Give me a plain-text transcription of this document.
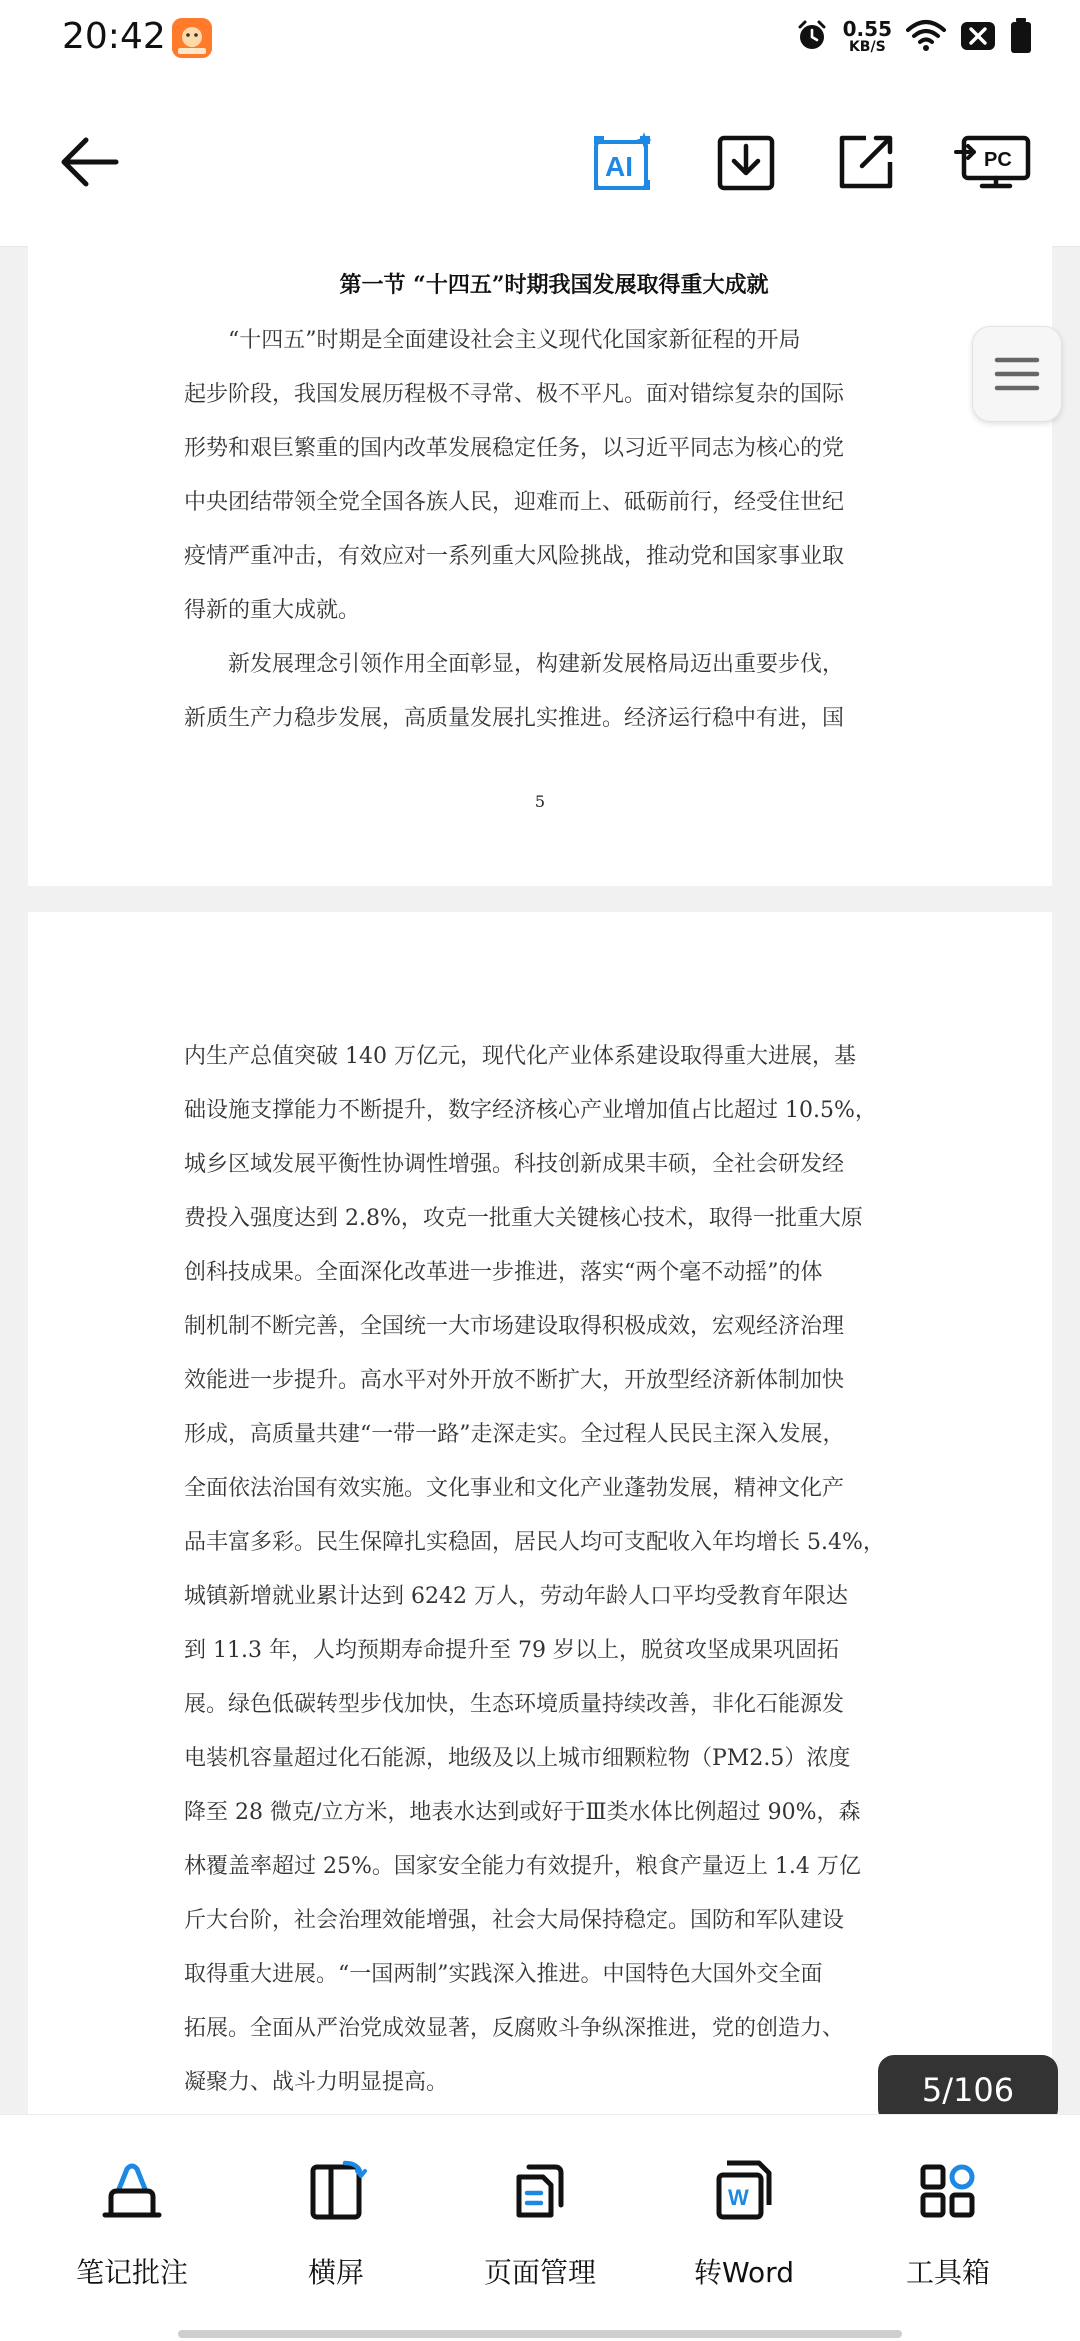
20:42	0.55
KB/S
AI	PC
第一节 “十四五”时期我国发展取得重大成就

“十四五”时期是全面建设社会主义现代化国家新征程的开局

起步阶段，我国发展历程极不寻常、极不平凡。面对错综复杂的国际

形势和艰巨繁重的国内改革发展稳定任务，以习近平同志为核心的党

中央团结带领全党全国各族人民，迎难而上、砥砺前行，经受住世纪

疫情严重冲击，有效应对一系列重大风险挑战，推动党和国家事业取

得新的重大成就。

新发展理念引领作用全面彰显，构建新发展格局迈出重要步伐，

新质生产力稳步发展，高质量发展扎实推进。经济运行稳中有进，国

5

内生产总值突破 140 万亿元，现代化产业体系建设取得重大进展，基

础设施支撑能力不断提升，数字经济核心产业增加值占比超过 10.5%，

城乡区域发展平衡性协调性增强。科技创新成果丰硕，全社会研发经

费投入强度达到 2.8%，攻克一批重大关键核心技术，取得一批重大原

创科技成果。全面深化改革进一步推进，落实“两个毫不动摇”的体

制机制不断完善，全国统一大市场建设取得积极成效，宏观经济治理

效能进一步提升。高水平对外开放不断扩大，开放型经济新体制加快

形成，高质量共建“一带一路”走深走实。全过程人民民主深入发展，

全面依法治国有效实施。文化事业和文化产业蓬勃发展，精神文化产

品丰富多彩。民生保障扎实稳固，居民人均可支配收入年均增长 5.4%，

城镇新增就业累计达到 6242 万人，劳动年龄人口平均受教育年限达

到 11.3 年，人均预期寿命提升至 79 岁以上，脱贫攻坚成果巩固拓

展。绿色低碳转型步伐加快，生态环境质量持续改善，非化石能源发

电装机容量超过化石能源，地级及以上城市细颗粒物（PM2.5）浓度

降至 28 微克/立方米，地表水达到或好于Ⅲ类水体比例超过 90%，森

林覆盖率超过 25%。国家安全能力有效提升，粮食产量迈上 1.4 万亿

斤大台阶，社会治理效能增强，社会大局保持稳定。国防和军队建设

取得重大进展。“一国两制”实践深入推进。中国特色大国外交全面

拓展。全面从严治党成效显著，反腐败斗争纵深推进，党的创造力、

凝聚力、战斗力明显提高。	5/106
笔记批注	横屏	页面管理
W
转Word	工具箱
